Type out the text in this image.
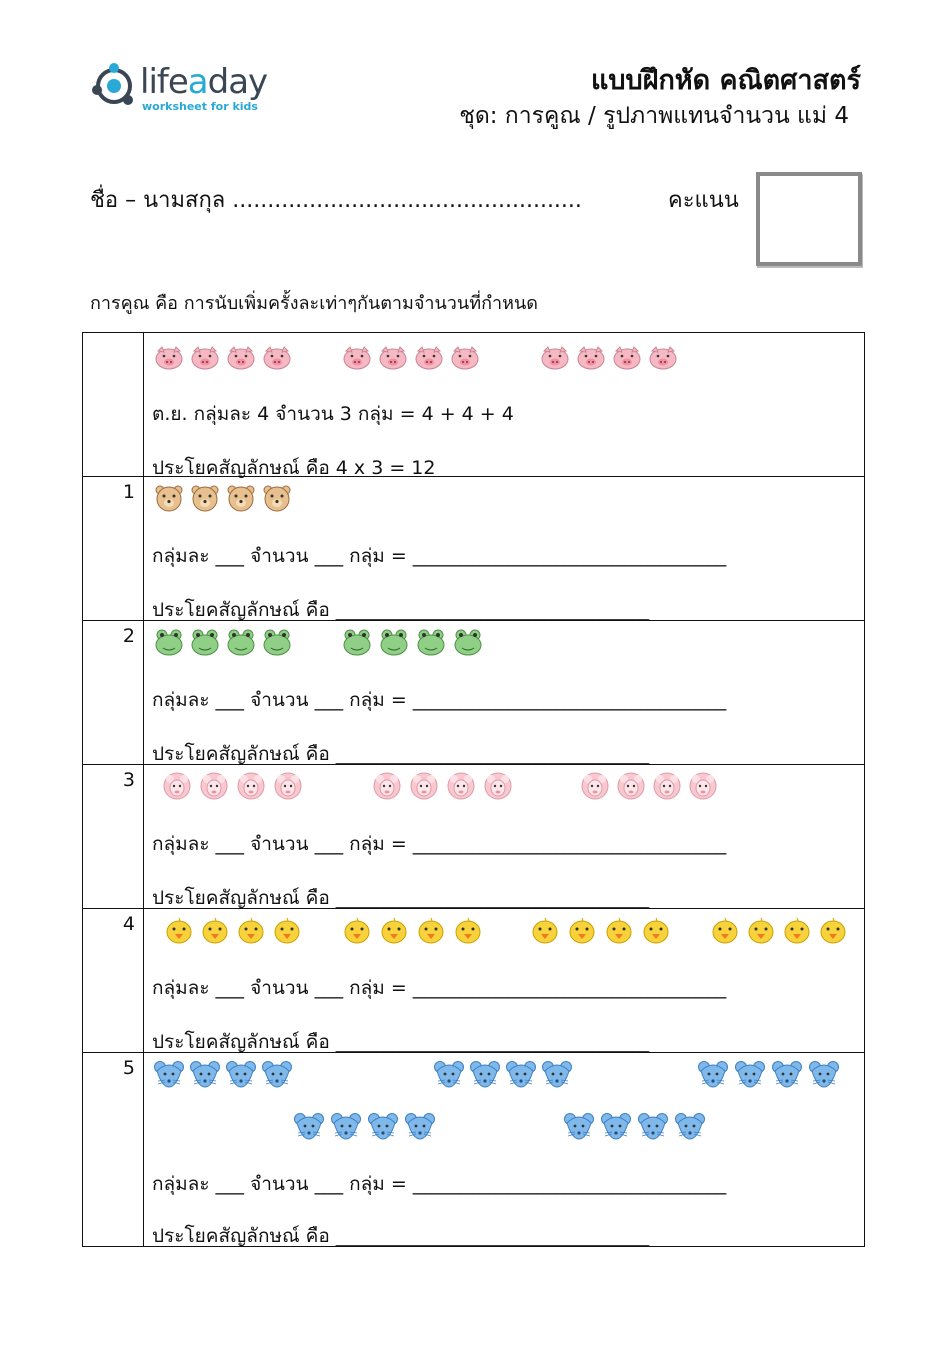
lifeaday
worksheet for kids
แบบฝึกหัด คณิตศาสตร์
ชุด: การคูณ / รูปภาพแทนจำนวน แม่ 4
ชื่อ – นามสกุล ..................................................	คะแนน
การคูณ คือ การนับเพิ่มครั้งละเท่าๆกันตามจำนวนที่กำหนด

	ต.ย. กลุ่มละ 4 จำนวน 3 กลุ่ม = 4 + 4 + 4
ประโยคสัญลักษณ์ คือ 4 x 3 = 12

1	กลุ่มละ ___ จำนวน ___ กลุ่ม = _________________________________
ประโยคสัญลักษณ์ คือ _________________________________

2	กลุ่มละ ___ จำนวน ___ กลุ่ม = _________________________________
ประโยคสัญลักษณ์ คือ _________________________________

3	กลุ่มละ ___ จำนวน ___ กลุ่ม = _________________________________
ประโยคสัญลักษณ์ คือ _________________________________

4	กลุ่มละ ___ จำนวน ___ กลุ่ม = _________________________________
ประโยคสัญลักษณ์ คือ _________________________________

5	กลุ่มละ ___ จำนวน ___ กลุ่ม = _________________________________
ประโยคสัญลักษณ์ คือ _________________________________
